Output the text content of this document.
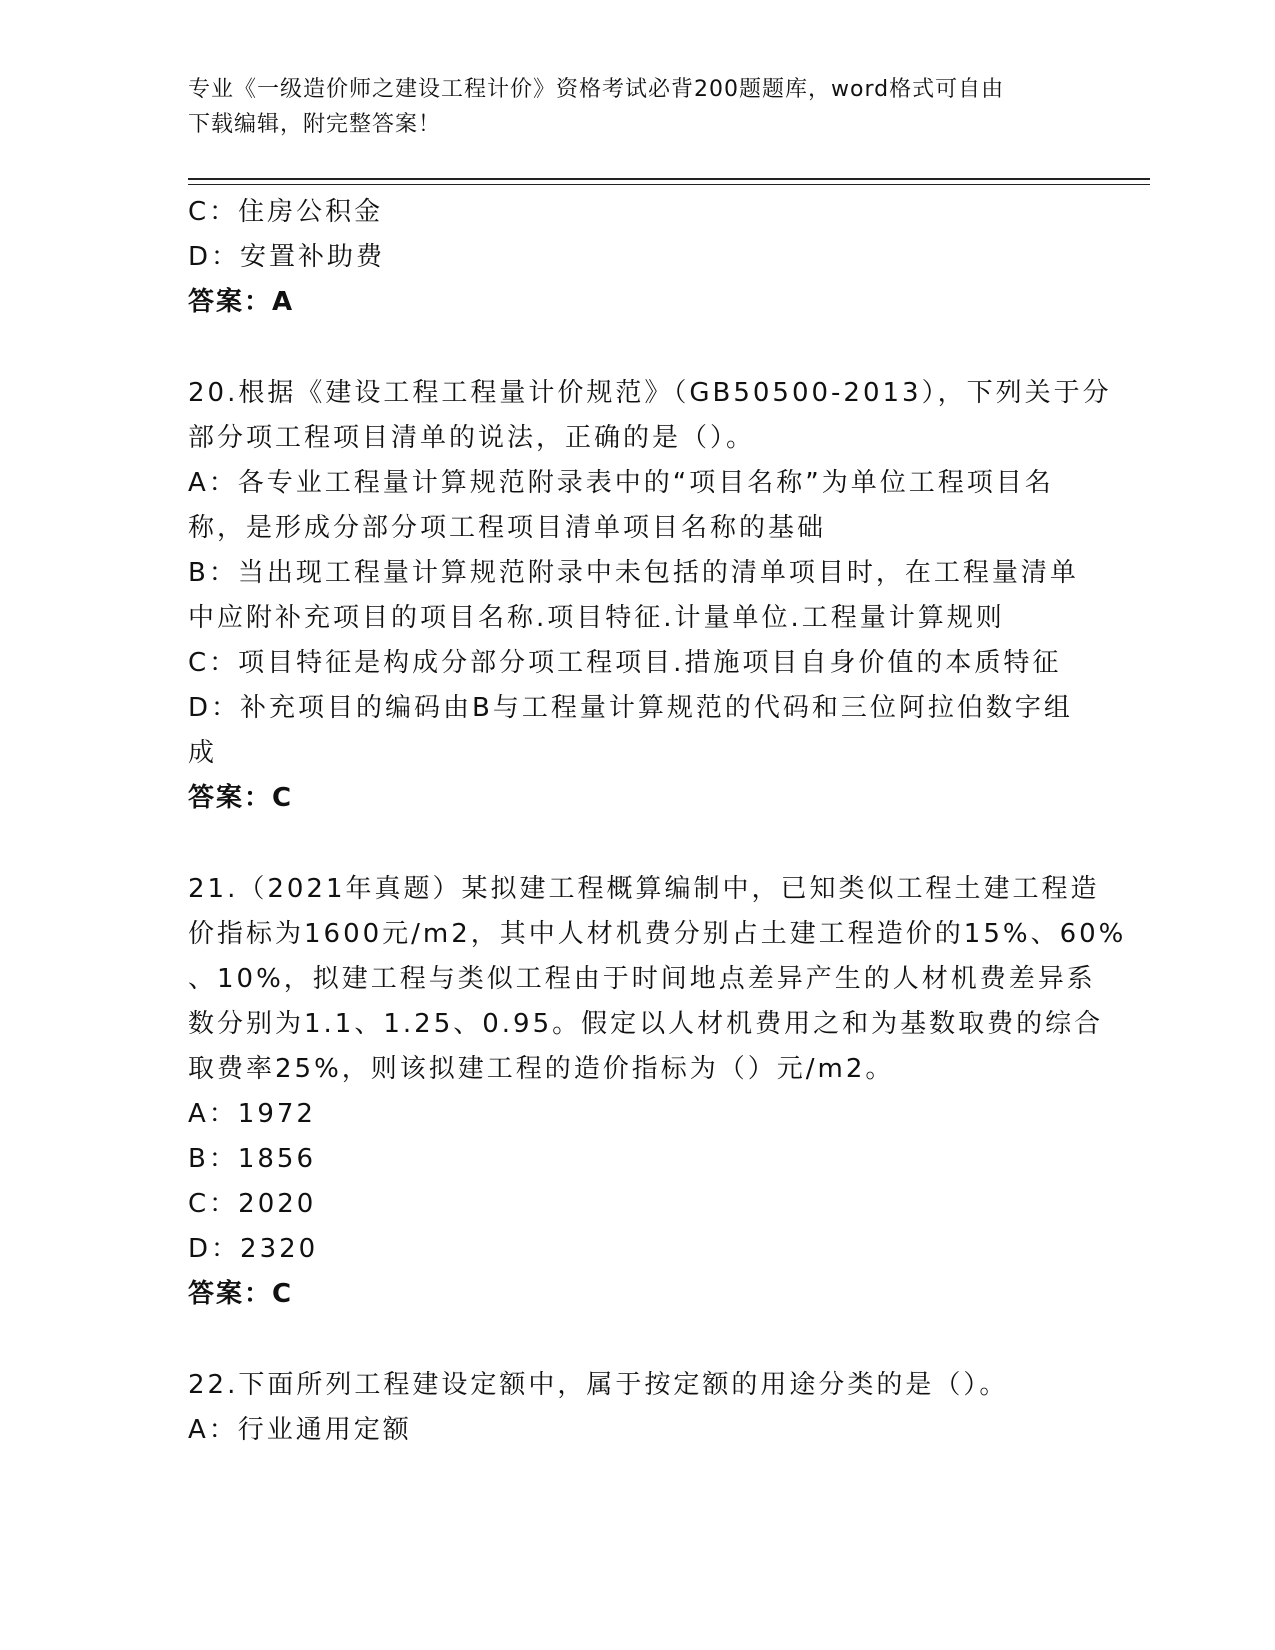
专业《一级造价师之建设工程计价》资格考试必背200题题库，word格式可自由
下载编辑，附完整答案！
C：住房公积金
D：安置补助费
答案：A
20.根据《建设工程工程量计价规范》（GB50500-2013），下列关于分
部分项工程项目清单的说法，正确的是（）。
A：各专业工程量计算规范附录表中的“项目名称”为单位工程项目名
称，是形成分部分项工程项目清单项目名称的基础
B：当出现工程量计算规范附录中未包括的清单项目时，在工程量清单
中应附补充项目的项目名称.项目特征.计量单位.工程量计算规则
C：项目特征是构成分部分项工程项目.措施项目自身价值的本质特征
D：补充项目的编码由B与工程量计算规范的代码和三位阿拉伯数字组
成
答案：C
21.（2021年真题）某拟建工程概算编制中，已知类似工程土建工程造
价指标为1600元/m2，其中人材机费分别占土建工程造价的15%、60%
、10%，拟建工程与类似工程由于时间地点差异产生的人材机费差异系
数分别为1.1、1.25、0.95。假定以人材机费用之和为基数取费的综合
取费率25%，则该拟建工程的造价指标为（）元/m2。
A：1972
B：1856
C：2020
D：2320
答案：C
22.下面所列工程建设定额中，属于按定额的用途分类的是（）。
A：行业通用定额
